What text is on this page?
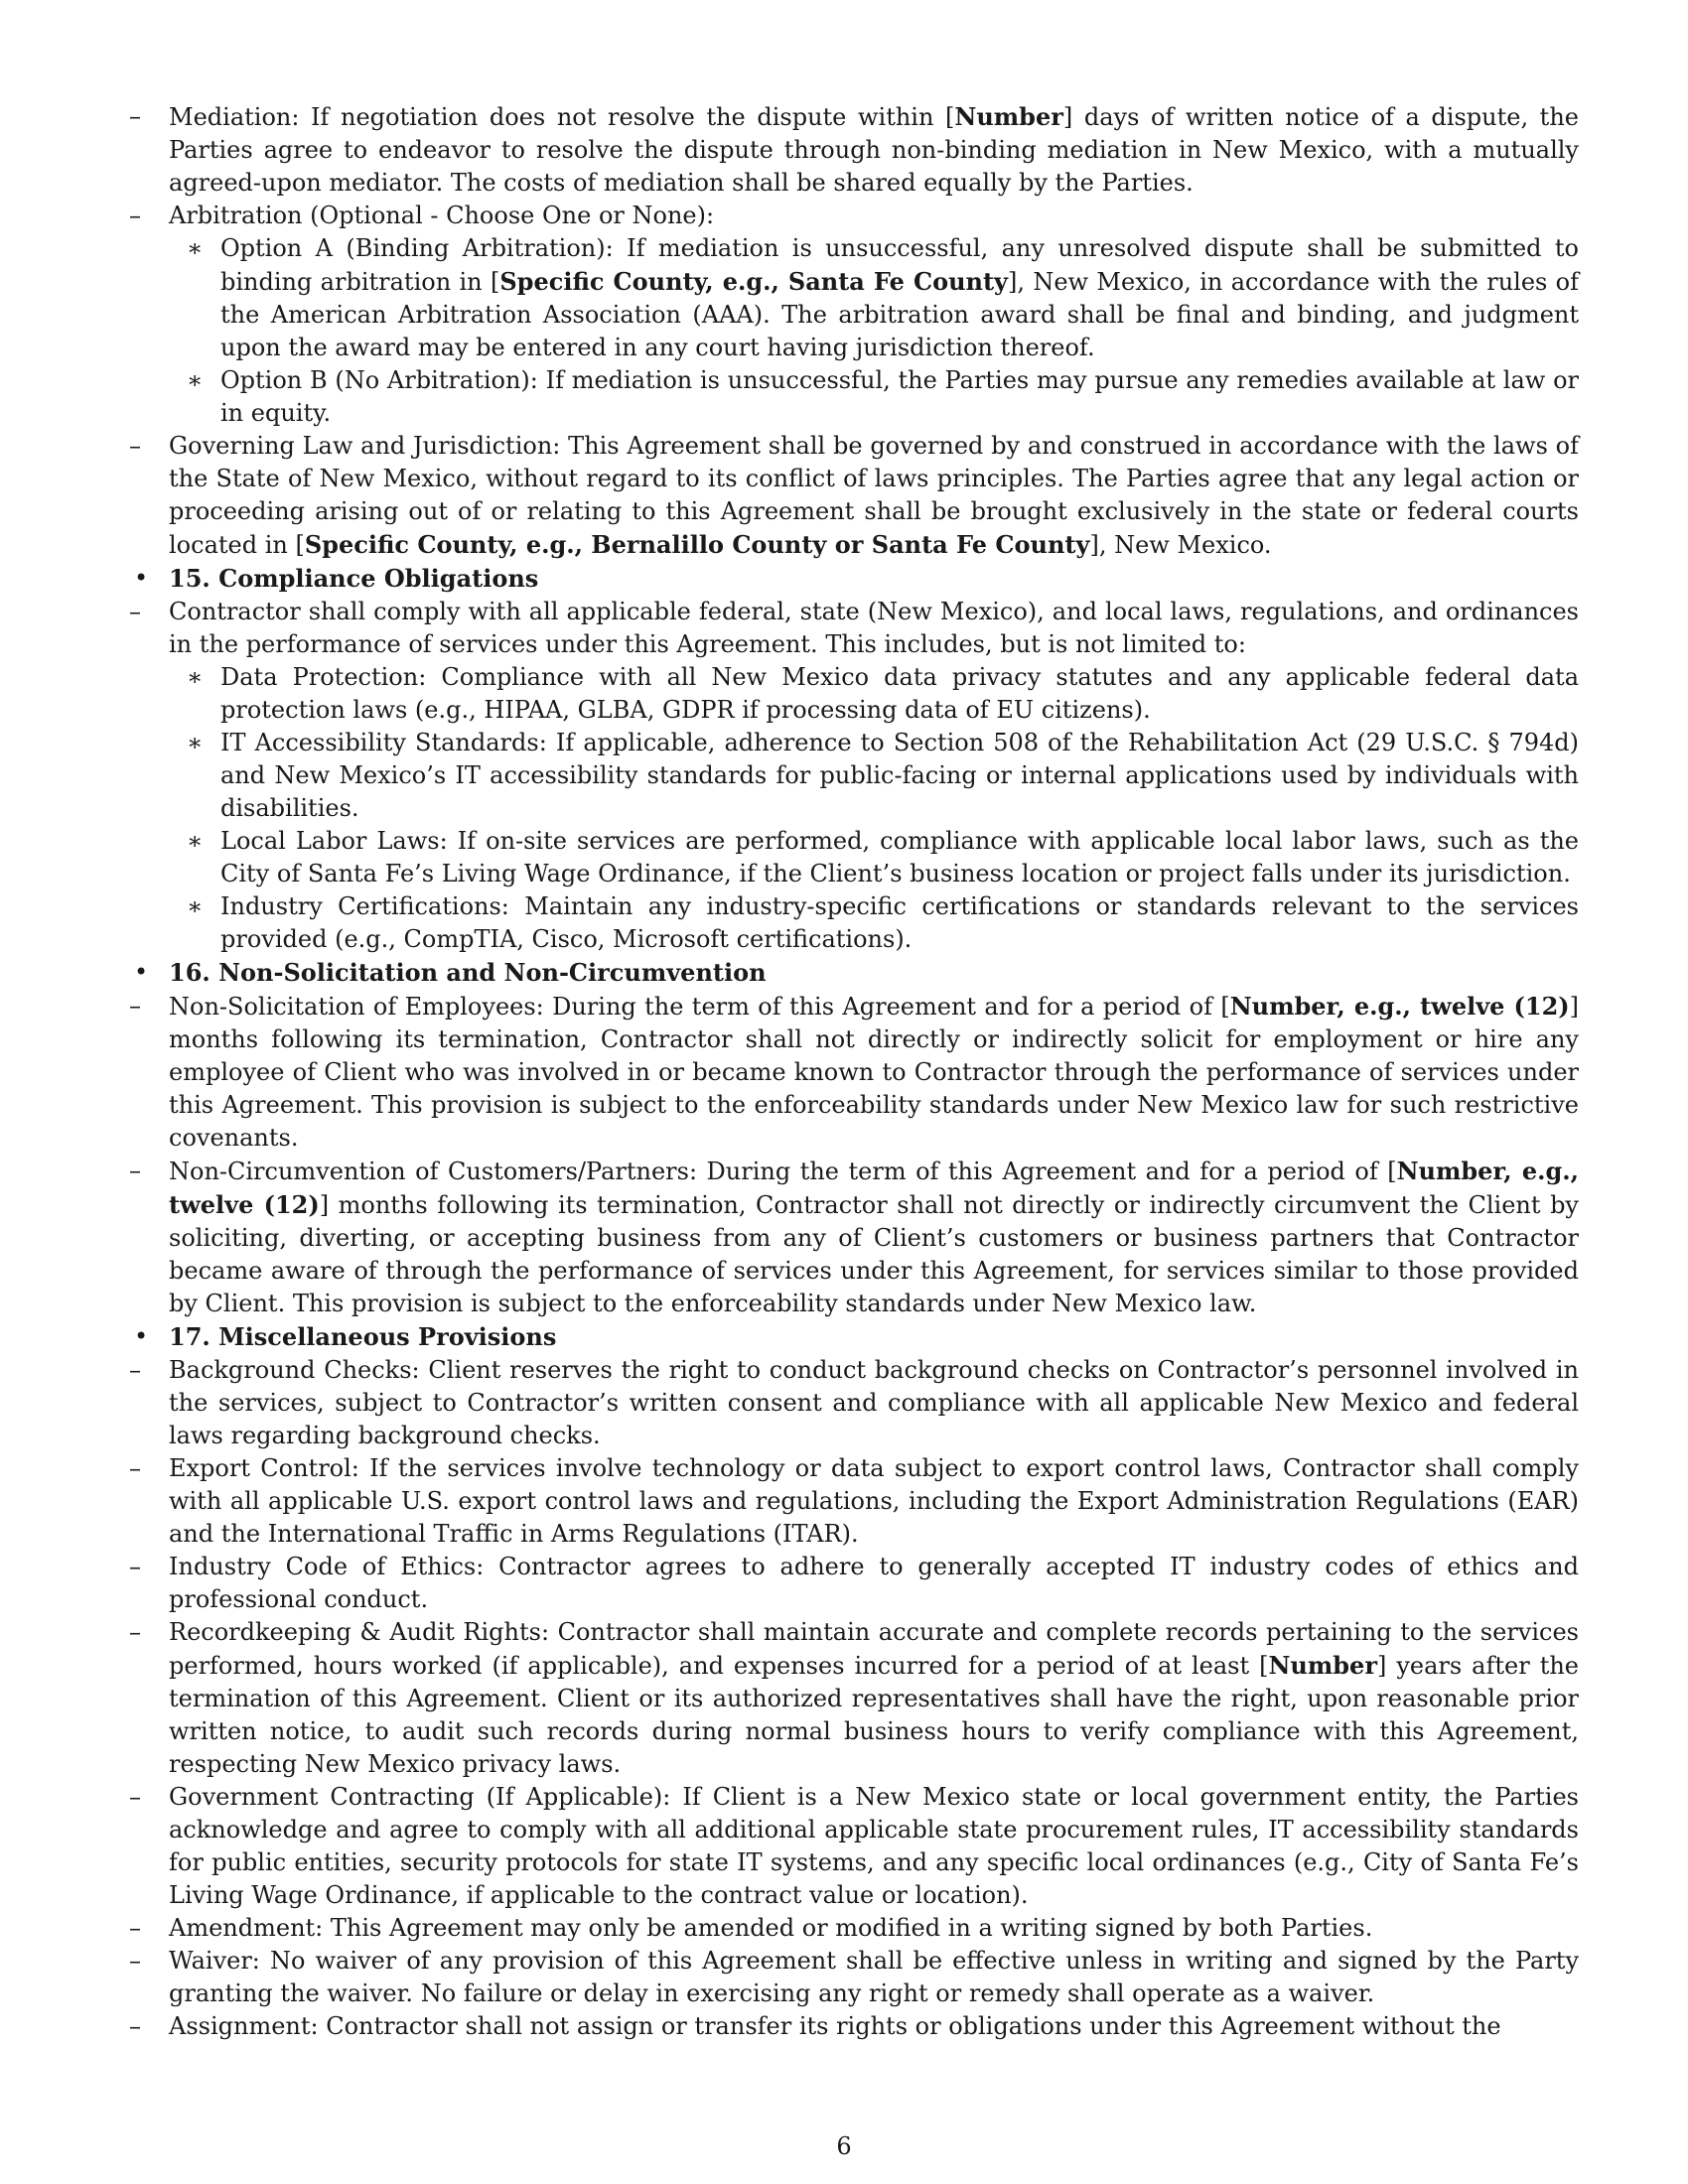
– Mediation: If negotiation does not resolve the dispute within [Number] days of written notice of a dispute, the Parties agree to endeavor to resolve the dispute through non-binding mediation in New Mexico, with a mutually agreed-upon mediator. The costs of mediation shall be shared equally by the Parties.
– Arbitration (Optional - Choose One or None):
∗ Option A (Binding Arbitration): If mediation is unsuccessful, any unresolved dispute shall be submitted to binding arbitration in [Specific County, e.g., Santa Fe County], New Mexico, in accordance with the rules of the American Arbitration Association (AAA). The arbitration award shall be final and binding, and judgment upon the award may be entered in any court having jurisdiction thereof.
∗ Option B (No Arbitration): If mediation is unsuccessful, the Parties may pursue any remedies available at law or in equity.
– Governing Law and Jurisdiction: This Agreement shall be governed by and construed in accordance with the laws of the State of New Mexico, without regard to its conflict of laws principles. The Parties agree that any legal action or proceeding arising out of or relating to this Agreement shall be brought exclusively in the state or federal courts located in [Specific County, e.g., Bernalillo County or Santa Fe County], New Mexico.
• 15. Compliance Obligations
– Contractor shall comply with all applicable federal, state (New Mexico), and local laws, regulations, and ordinances in the performance of services under this Agreement. This includes, but is not limited to:
∗ Data Protection: Compliance with all New Mexico data privacy statutes and any applicable federal data protection laws (e.g., HIPAA, GLBA, GDPR if processing data of EU citizens).
∗ IT Accessibility Standards: If applicable, adherence to Section 508 of the Rehabilitation Act (29 U.S.C. § 794d) and New Mexico’s IT accessibility standards for public-facing or internal applications used by individuals with disabilities.
∗ Local Labor Laws: If on-site services are performed, compliance with applicable local labor laws, such as the City of Santa Fe’s Living Wage Ordinance, if the Client’s business location or project falls under its jurisdiction.
∗ Industry Certifications: Maintain any industry-specific certifications or standards relevant to the services provided (e.g., CompTIA, Cisco, Microsoft certifications).
• 16. Non-Solicitation and Non-Circumvention
– Non-Solicitation of Employees: During the term of this Agreement and for a period of [Number, e.g., twelve (12)] months following its termination, Contractor shall not directly or indirectly solicit for employment or hire any employee of Client who was involved in or became known to Contractor through the performance of services under this Agreement. This provision is subject to the enforceability standards under New Mexico law for such restrictive covenants.
– Non-Circumvention of Customers/Partners: During the term of this Agreement and for a period of [Number, e.g., twelve (12)] months following its termination, Contractor shall not directly or indirectly circumvent the Client by soliciting, diverting, or accepting business from any of Client’s customers or business partners that Contractor became aware of through the performance of services under this Agreement, for services similar to those provided by Client. This provision is subject to the enforceability standards under New Mexico law.
• 17. Miscellaneous Provisions
– Background Checks: Client reserves the right to conduct background checks on Contractor’s personnel involved in the services, subject to Contractor’s written consent and compliance with all applicable New Mexico and federal laws regarding background checks.
– Export Control: If the services involve technology or data subject to export control laws, Contractor shall comply with all applicable U.S. export control laws and regulations, including the Export Administration Regulations (EAR) and the International Traffic in Arms Regulations (ITAR).
– Industry Code of Ethics: Contractor agrees to adhere to generally accepted IT industry codes of ethics and professional conduct.
– Recordkeeping & Audit Rights: Contractor shall maintain accurate and complete records pertaining to the services performed, hours worked (if applicable), and expenses incurred for a period of at least [Number] years after the termination of this Agreement. Client or its authorized representatives shall have the right, upon reasonable prior written notice, to audit such records during normal business hours to verify compliance with this Agreement, respecting New Mexico privacy laws.
– Government Contracting (If Applicable): If Client is a New Mexico state or local government entity, the Parties acknowledge and agree to comply with all additional applicable state procurement rules, IT accessibility standards for public entities, security protocols for state IT systems, and any specific local ordinances (e.g., City of Santa Fe’s Living Wage Ordinance, if applicable to the contract value or location).
– Amendment: This Agreement may only be amended or modified in a writing signed by both Parties.
– Waiver: No waiver of any provision of this Agreement shall be effective unless in writing and signed by the Party granting the waiver. No failure or delay in exercising any right or remedy shall operate as a waiver.
– Assignment: Contractor shall not assign or transfer its rights or obligations under this Agreement without the
6
